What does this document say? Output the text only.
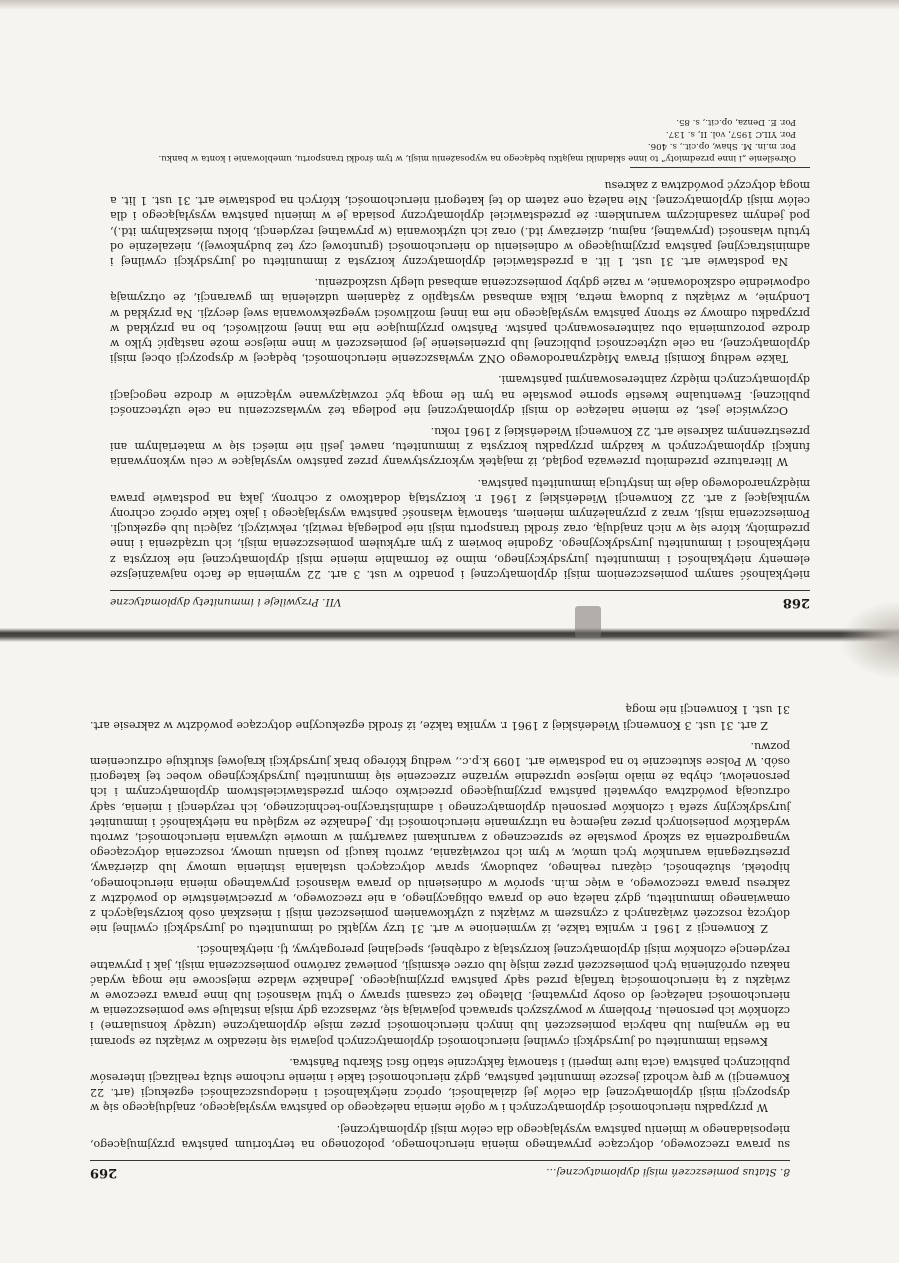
268
VII. Przywileje i immunitety dyplomatyczne

nietykalność samym pomieszczeniom misji dyplomatycznej i ponadto w ust. 3 art. 22 wymienia de facto najważniejsze elementy nietykalności i immunitetu jurysdykcyjnego, mimo że formalnie mienie misji dyplomatycznej nie korzysta z nietykalności i immunitetu jurysdykcyjnego. Zgodnie bowiem z tym artykułem pomieszczenia misji, ich urządzenia i inne przedmioty, które się w nich znajdują, oraz środki transportu misji nie podlegają rewizji, rekwizycji, zajęciu lub egzekucji. Pomieszczenia misji, wraz z przynależnym mieniem, stanowią własność państwa wysyłającego i jako takie oprócz ochrony wynikającej z art. 22 Konwencji Wiedeńskiej z 1961 r. korzystają dodatkowo z ochrony, jaką na podstawie prawa międzynarodowego daje im instytucja immunitetu państwa.

W literaturze przedmiotu przeważa pogląd, iż majątek wykorzystywany przez państwo wysyłające w celu wykonywania funkcji dyplomatycznych w każdym przypadku korzysta z immunitetu, nawet jeśli nie mieści się w materialnym ani przestrzennym zakresie art. 22 Konwencji Wiedeńskiej z 1961 roku.

Oczywiście jest, że mienie należące do misji dyplomatycznej nie podlega też wywłaszczeniu na cele użyteczności publicznej. Ewentualne kwestie sporne powstałe na tym tle mogą być rozwiązywane wyłącznie w drodze negocjacji dyplomatycznych między zainteresowanymi państwami.

Także według Komisji Prawa Międzynarodowego ONZ wywłaszczenie nieruchomości, będącej w dyspozycji obcej misji dyplomatycznej, na cele użyteczności publicznej lub przeniesienie jej pomieszczeń w inne miejsce może nastąpić tylko w drodze porozumienia obu zainteresowanych państw. Państwo przyjmujące nie ma innej możliwości, bo na przykład w przypadku odmowy ze strony państwa wysyłającego nie ma innej możliwości wyegzekwowania swej decyzji. Na przykład w Londynie, w związku z budową metra, kilka ambasad wystąpiło z żądaniem udzielenia im gwarancji, że otrzymają odpowiednie odszkodowanie, w razie gdyby pomieszczenia ambasad uległy uszkodzeniu.

Na podstawie art. 31 ust. 1 lit. a przedstawiciel dyplomatyczny korzysta z immunitetu od jurysdykcji cywilnej i administracyjnej państwa przyjmującego w odniesieniu do nieruchomości (gruntowej czy też budynkowej), niezależnie od tytułu własności (prywatnej, najmu, dzierżawy itd.) oraz ich użytkowania (w prywatnej rezydencji, bloku mieszkalnym itd.), pod jednym zasadniczym warunkiem: że przedstawiciel dyplomatyczny posiada je w imieniu państwa wysyłającego i dla celów misji dyplomatycznej. Nie należą one zatem do tej kategorii nieruchomości, których na podstawie art. 31 ust. 1 lit. a mogą dotyczyć powództwa z zakresu

Określenie „i inne przedmioty” to inne składniki majątku będącego na wyposażeniu misji, w tym środki transportu, umeblowanie i konta w banku.

Por. m.in. M. Shaw, op.cit., s. 406.

Por. YILC 1957, vol. II, s. 137.

Por. E. Denza, op.cit., s. 85.

8. Status pomieszczeń misji dyplomatycznej...
269

su prawa rzeczowego, dotyczące prywatnego mienia nieruchomego, położonego na terytorium państwa przyjmującego, nieposiadanego w imieniu państwa wysyłającego dla celów misji dyplomatycznej.

W przypadku nieruchomości dyplomatycznych i w ogóle mienia należącego do państwa wysyłającego, znajdującego się w dyspozycji misji dyplomatycznej dla celów jej działalności, oprócz nietykalności i niedopuszczalności egzekucji (art. 22 Konwencji) w grę wchodzi jeszcze immunitet państwa, gdyż nieruchomości takie i mienie ruchome służą realizacji interesów publicznych państwa (acta iure imperii) i stanowią faktycznie statio fisci Skarbu Państwa.

Kwestia immunitetu od jurysdykcji cywilnej nieruchomości dyplomatycznych pojawia się niezadko w związku ze sporami na tle wynajmu lub nabycia pomieszczeń lub innych nieruchomości przez misje dyplomatyczne (urzędy konsularne) i członków ich personelu. Problemy w powyższych sprawach pojawiają się, zwłaszcza gdy misja instaluje swe pomieszczenia w nieruchomości należącej do osoby prywatnej. Dlatego też czasami sprawy o tytuł własności lub inne prawa rzeczowe w związku z tą nieruchomością trafiają przed sądy państwa przyjmującego. Jednakże władze miejscowe nie mogą wydać nakazu opróżnienia tych pomieszczeń przez misję lub orzec eksmisji, ponieważ zarówno pomieszczenia misji, jak i prywatne rezydencje członków misji dyplomatycznej korzystają z odrębnej, specjalnej prerogatywy, tj. nietykalności.

Z Konwencji z 1961 r. wynika także, iż wymienione w art. 31 trzy wyjątki od immunitetu od jurysdykcji cywilnej nie dotyczą roszczeń związanych z czynszem w związku z użytkowaniem pomieszczeń misji i mieszkań osób korzystających z omawianego immunitetu, gdyż należą one do prawa obligacyjnego, a nie rzeczowego, w przeciwieństwie do powództw z zakresu prawa rzeczowego, a więc m.in. sporów w odniesieniu do prawa własności prywatnego mienia nieruchomego, hipoteki, służebności, ciężaru realnego, zabudowy, spraw dotyczących ustalania istnienia umowy lub dzierżawy, przestrzegania warunków tych umów, w tym ich rozwiązania, zwrotu kaucji po ustaniu umowy, roszczenia dotyczącego wynagrodzenia za szkody powstałe ze sprzecznego z warunkami zawartymi w umowie używania nieruchomości, zwrotu wydatków poniesionych przez najemcę na utrzymanie nieruchomości itp. Jednakże ze względu na nietykalność i immunitet jurysdykcyjny szefa i członków personelu dyplomatycznego i administracyjno-technicznego, ich rezydencji i mienia, sądy odrzucają powództwa obywateli państwa przyjmującego przeciwko obcym przedstawicielstwom dyplomatycznym i ich personelowi, chyba że miało miejsce uprzednie wyraźne zrzeczenie się immunitetu jurysdykcyjnego wobec tej kategorii osób. W Polsce skutecznie to na podstawie art. 1099 k.p.c., według którego brak jurysdykcji krajowej skutkuje odrzuceniem pozwu.

Z art. 31 ust. 3 Konwencji Wiedeńskiej z 1961 r. wynika także, iż środki egzekucyjne dotyczące powództw w zakresie art. 31 ust. 1 Konwencji nie mogą
